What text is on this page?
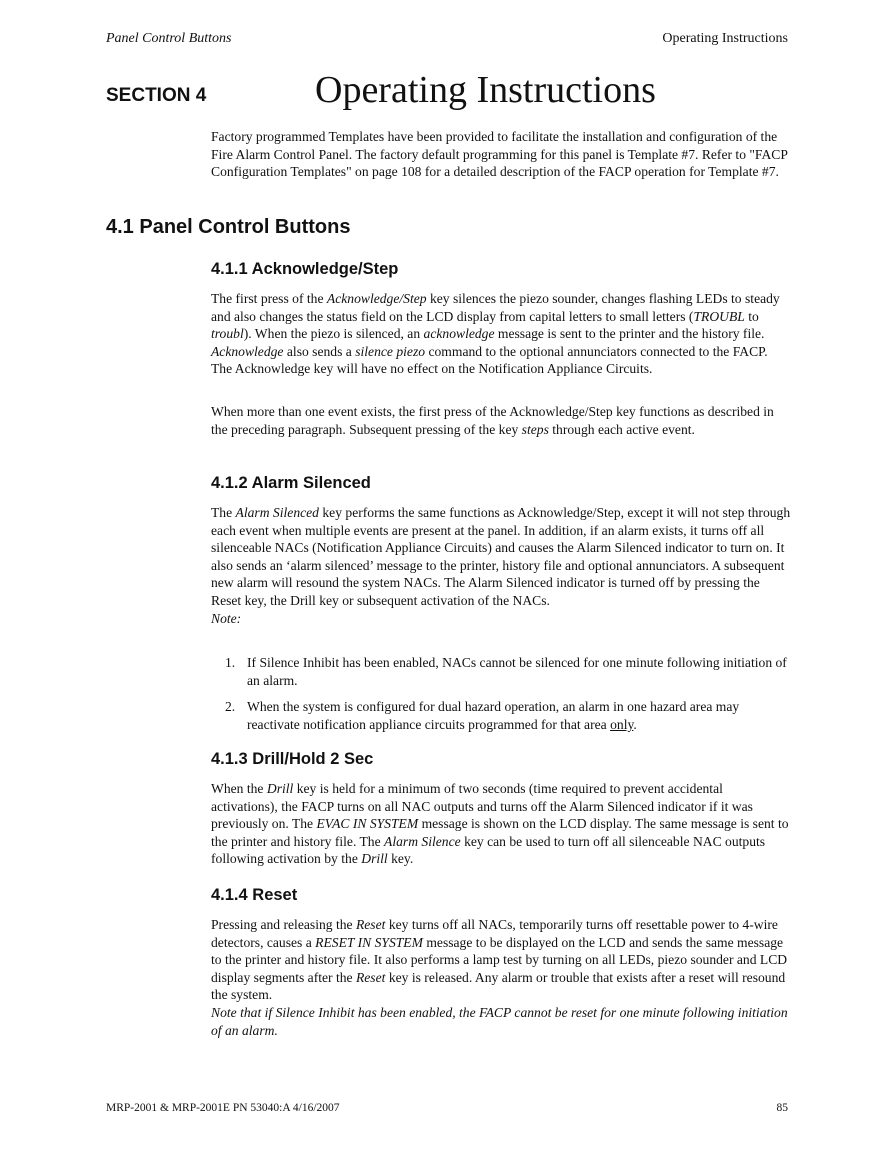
Panel Control Buttons	Operating Instructions
SECTION 4	Operating Instructions

Factory programmed Templates have been provided to facilitate the installation and configuration of the Fire Alarm Control Panel. The factory default programming for this panel is Template #7. Refer to "FACP Configuration Templates" on page 108 for a detailed description of the FACP operation for Template #7.

4.1 Panel Control Buttons
4.1.1 Acknowledge/Step

The first press of the Acknowledge/Step key silences the piezo sounder, changes flashing LEDs to steady and also changes the status field on the LCD display from capital letters to small letters (TROUBL to troubl). When the piezo is silenced, an acknowledge message is sent to the printer and the history file. Acknowledge also sends a silence piezo command to the optional annunciators connected to the FACP. The Acknowledge key will have no effect on the Notification Appliance Circuits.

When more than one event exists, the first press of the Acknowledge/Step key functions as described in the preceding paragraph. Subsequent pressing of the key steps through each active event.

4.1.2 Alarm Silenced

The Alarm Silenced key performs the same functions as Acknowledge/Step, except it will not step through each event when multiple events are present at the panel. In addition, if an alarm exists, it turns off all silenceable NACs (Notification Appliance Circuits) and causes the Alarm Silenced indicator to turn on. It also sends an ‘alarm silenced’ message to the printer, history file and optional annunciators. A subsequent new alarm will resound the system NACs. The Alarm Silenced indicator is turned off by pressing the Reset key, the Drill key or subsequent activation of the NACs.

Note:

1. If Silence Inhibit has been enabled, NACs cannot be silenced for one minute following initiation of an alarm.
2. When the system is configured for dual hazard operation, an alarm in one hazard area may reactivate notification appliance circuits programmed for that area only.
4.1.3 Drill/Hold 2 Sec

When the Drill key is held for a minimum of two seconds (time required to prevent accidental activations), the FACP turns on all NAC outputs and turns off the Alarm Silenced indicator if it was previously on. The EVAC IN SYSTEM message is shown on the LCD display. The same message is sent to the printer and history file. The Alarm Silence key can be used to turn off all silenceable NAC outputs following activation by the Drill key.

4.1.4 Reset

Pressing and releasing the Reset key turns off all NACs, temporarily turns off resettable power to 4-wire detectors, causes a RESET IN SYSTEM message to be displayed on the LCD and sends the same message to the printer and history file. It also performs a lamp test by turning on all LEDs, piezo sounder and LCD display segments after the Reset key is released. Any alarm or trouble that exists after a reset will resound the system.

Note that if Silence Inhibit has been enabled, the FACP cannot be reset for one minute following initiation of an alarm.

MRP-2001 & MRP-2001E PN 53040:A 4/16/2007	85
